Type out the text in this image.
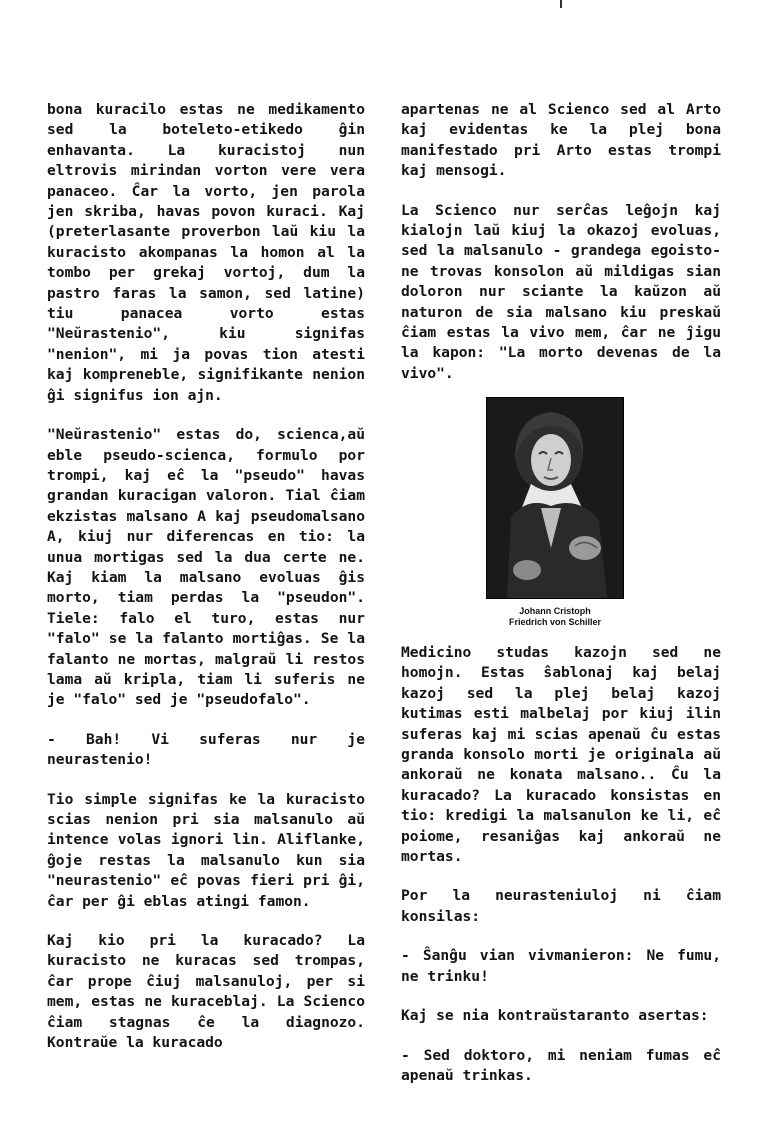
bona kuracilo estas ne medikamento sed la boteleto-etikedo ĝin enhavanta. La kuracistoj nun eltrovis mirindan vorton vere vera panaceo. Ĉar la vorto, jen parola jen skriba, havas povon kuraci. Kaj (preterlasante proverbon laŭ kiu la kuracisto akompanas la homon al la tombo per grekaj vortoj, dum la pastro faras la samon, sed latine) tiu panacea vorto estas "Neŭrastenio", kiu signifas "nenion", mi ja povas tion atesti kaj kompreneble, signifikante nenion ĝi signifus ion ajn.

"Neŭrastenio" estas do, scienca,aŭ eble pseudo-scienca, formulo por trompi, kaj eĉ la "pseudo" havas grandan kuracigan valoron. Tial ĉiam ekzistas malsano A kaj pseudomalsano A, kiuj nur diferencas en tio: la unua mortigas sed la dua certe ne. Kaj kiam la malsano evoluas ĝis morto, tiam perdas la "pseudon". Tiele: falo el turo, estas nur "falo" se la falanto mortiĝas. Se la falanto ne mortas, malgraŭ li restos lama aŭ kripla, tiam li suferis ne je "falo" sed je "pseudofalo".

- Bah! Vi suferas nur je neurastenio!

Tio simple signifas ke la kuracisto scias nenion pri sia malsanulo aŭ intence volas ignori lin. Aliflanke, ĝoje restas la malsanulo kun sia "neurastenio" eĉ povas fieri pri ĝi, ĉar per ĝi eblas atingi famon.

Kaj kio pri la kuracado? La kuracisto ne kuracas sed trompas, ĉar prope ĉiuj malsanuloj, per si mem, estas ne kuraceblaj. La Scienco ĉiam stagnas ĉe la diagnozo. Kontraŭe la kuracado

apartenas ne al Scienco sed al Arto kaj evidentas ke la plej bona manifestado pri Arto estas trompi kaj mensogi.

La Scienco nur serĉas leĝojn kaj kialojn laŭ kiuj la okazoj evoluas, sed la malsanulo - grandega egoisto-ne trovas konsolon aŭ mildigas sian doloron nur sciante la kaŭzon aŭ naturon de sia malsano kiu preskaŭ ĉiam estas la vivo mem, ĉar ne ĵigu la kapon: "La morto devenas de la vivo".

Johann Cristoph
Friedrich von Schiller

Medicino studas kazojn sed ne homojn. Estas ŝablonaj kaj belaj kazoj sed la plej belaj kazoj kutimas esti malbelaj por kiuj ilin suferas kaj mi scias apenaŭ ĉu estas granda konsolo morti je originala aŭ ankoraŭ ne konata malsano.. Ĉu la kuracado? La kuracado konsistas en tio: kredigi la malsanulon ke li, eĉ poiome, resaniĝas kaj ankoraŭ ne mortas.

Por la neurasteniuloj ni ĉiam konsilas:

- Ŝanĝu vian vivmanieron: Ne fumu, ne trinku!

Kaj se nia kontraŭstaranto asertas:

- Sed doktoro, mi neniam fumas eĉ apenaŭ trinkas.
